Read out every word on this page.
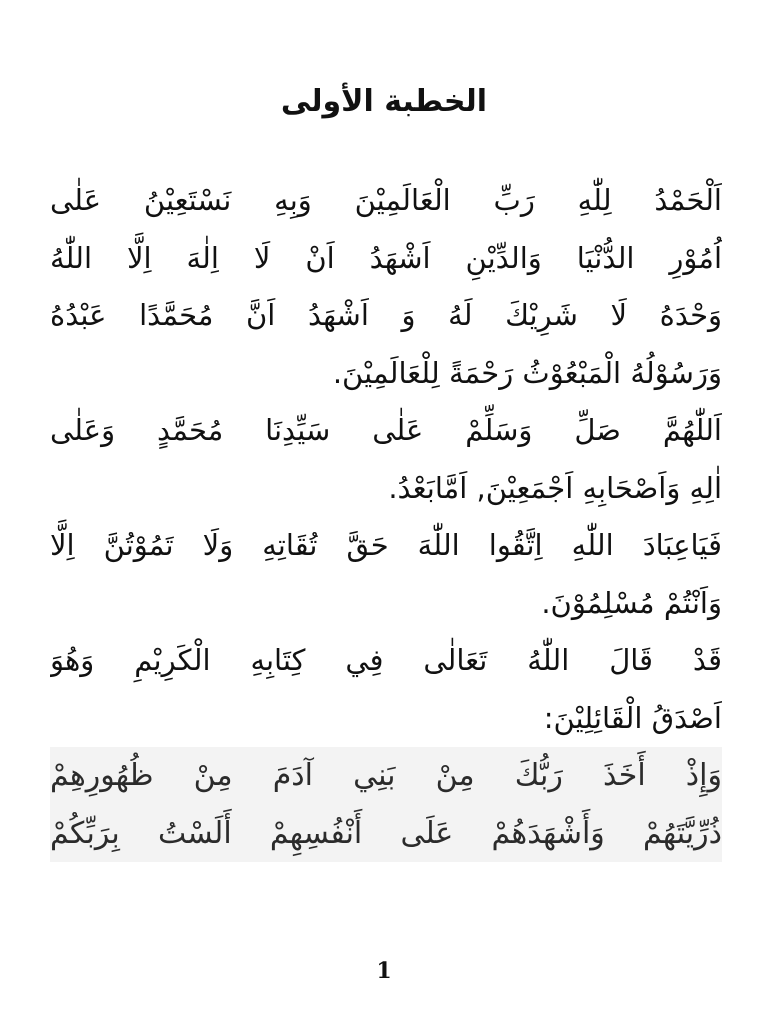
الخطبة الأولى
اَلْحَمْدُ لِلّٰهِ رَبِّ الْعَالَمِيْنَ وَبِهِ نَسْتَعِيْنُ عَلٰى
اُمُوْرِ الدُّنْيَا وَالدِّيْنِ اَشْهَدُ اَنْ لَا اِلٰهَ اِلَّا اللّٰهُ
وَحْدَهُ لَا شَرِيْكَ لَهُ وَ اَشْهَدُ اَنَّ مُحَمَّدًا عَبْدُهُ
وَرَسُوْلُهُ الْمَبْعُوْثُ رَحْمَةً لِلْعَالَمِيْنَ.
اَللّٰهُمَّ صَلِّ وَسَلِّمْ عَلٰى سَيِّدِنَا مُحَمَّدٍ وَعَلٰى
اٰلِهِ وَاَصْحَابِهِ اَجْمَعِيْنَ, اَمَّابَعْدُ.
فَيَاعِبَادَ اللّٰهِ اِتَّقُوا اللّٰهَ حَقَّ تُقَاتِهِ وَلَا تَمُوْتُنَّ اِلَّا
وَاَنْتُمْ مُسْلِمُوْنَ.
قَدْ قَالَ اللّٰهُ تَعَالٰى فِي كِتَابِهِ الْكَرِيْمِ وَهُوَ
اَصْدَقُ الْقَائِلِيْنَ:
وَإِذْ أَخَذَ رَبُّكَ مِنْ بَنِي آدَمَ مِنْ ظُهُورِهِمْ
ذُرِّيَّتَهُمْ وَأَشْهَدَهُمْ عَلَى أَنْفُسِهِمْ أَلَسْتُ بِرَبِّكُمْ
1
